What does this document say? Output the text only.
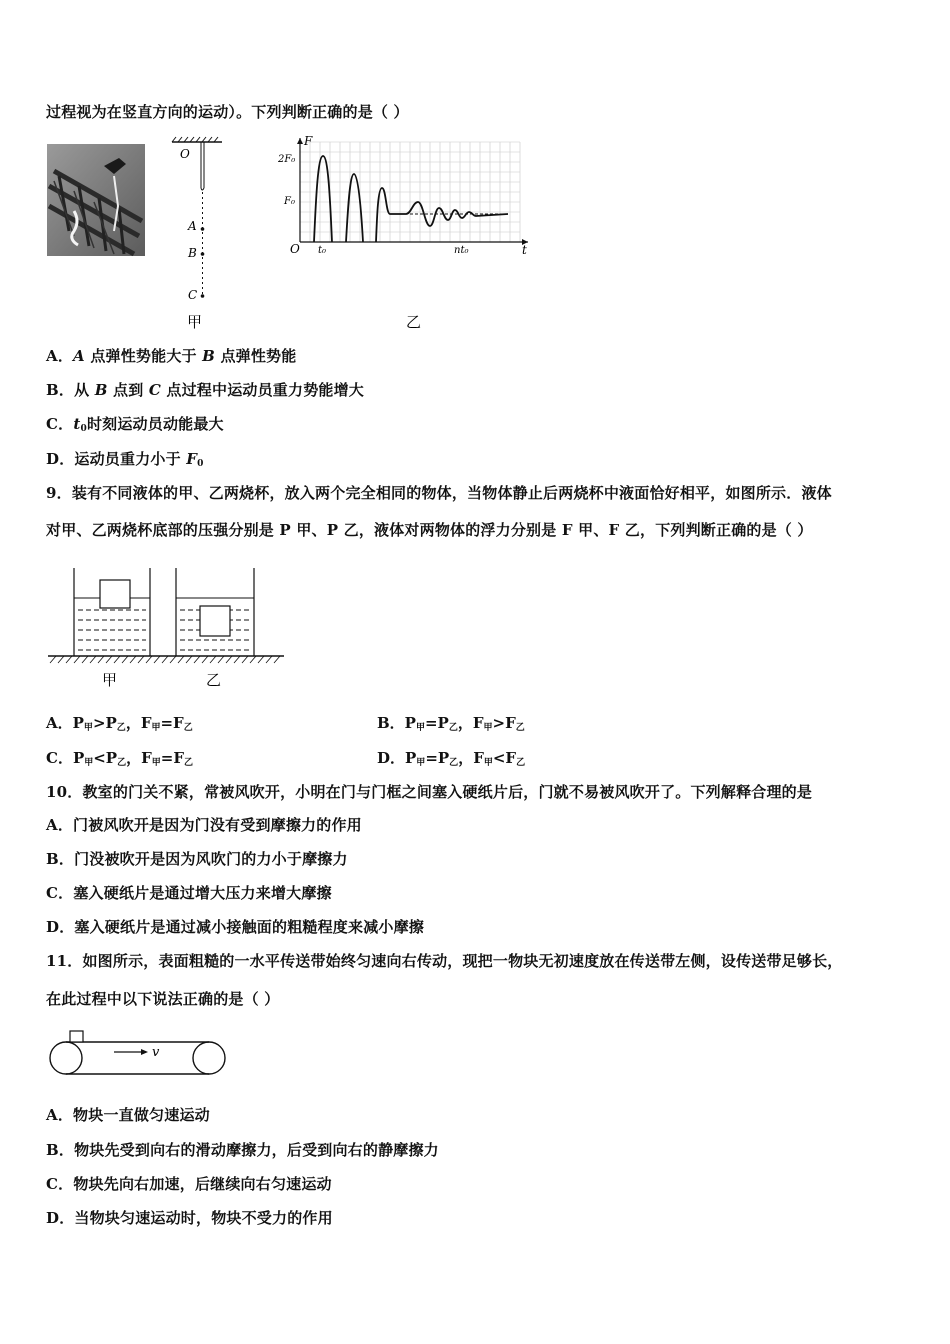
过程视为在竖直方向的运动）。下列判断正确的是（ ）
O
A
B
C
甲
F
t
O
2F₀
F₀
t₀	nt₀
乙
A．A 点弹性势能大于 B 点弹性势能
B．从 B 点到 C 点过程中运动员重力势能增大
C．$t_0$时刻运动员动能最大
D．运动员重力小于 $F_0$
9．装有不同液体的甲、乙两烧杯，放入两个完全相同的物体，当物体静止后两烧杯中液面恰好相平，如图所示．液体
对甲、乙两烧杯底部的压强分别是 P 甲、P 乙，液体对两物体的浮力分别是 F 甲、F 乙，下列判断正确的是（ ）
甲	乙
A．$P_甲>P_乙$，$F_甲=F_乙$	B．$P_甲=P_乙$，$F_甲>F_乙$
C．$P_甲<P_乙$，$F_甲=F_乙$	D．$P_甲=P_乙$，$F_甲<F_乙$
10．教室的门关不紧，常被风吹开，小明在门与门框之间塞入硬纸片后，门就不易被风吹开了。下列解释合理的是
A．门被风吹开是因为门没有受到摩擦力的作用
B．门没被吹开是因为风吹门的力小于摩擦力
C．塞入硬纸片是通过增大压力来增大摩擦
D．塞入硬纸片是通过减小接触面的粗糙程度来减小摩擦
11．如图所示，表面粗糙的一水平传送带始终匀速向右传动，现把一物块无初速度放在传送带左侧，设传送带足够长，
在此过程中以下说法正确的是（ ）
v
A．物块一直做匀速运动
B．物块先受到向右的滑动摩擦力，后受到向右的静摩擦力
C．物块先向右加速，后继续向右匀速运动
D．当物块匀速运动时，物块不受力的作用
